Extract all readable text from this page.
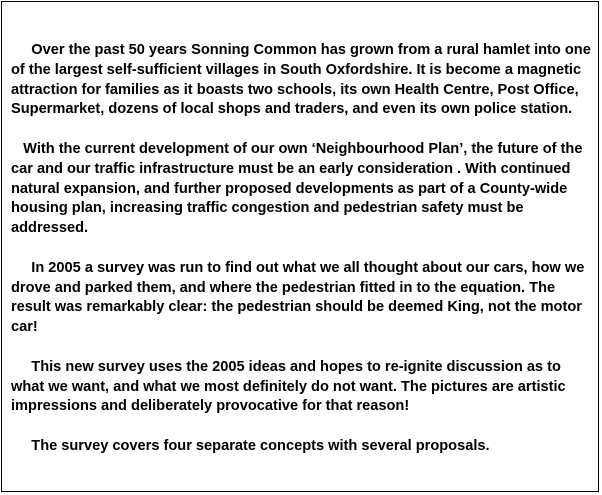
Over the past 50 years Sonning Common has grown from a rural hamlet into one of the largest self-sufficient villages in South Oxfordshire. It is become a magnetic attraction for families as it boasts two schools, its own Health Centre, Post Office, Supermarket, dozens of local shops and traders, and even its own police station.

With the current development of our own ‘Neighbourhood Plan’, the future of the car and our traffic infrastructure must be an early consideration . With continued natural expansion, and further proposed developments as part of a County-wide housing plan, increasing traffic congestion and pedestrian safety must be addressed.

In 2005 a survey was run to find out what we all thought about our cars, how we drove and parked them, and where the pedestrian fitted in to the equation. The result was remarkably clear: the pedestrian should be deemed King, not the motor car!

This new survey uses the 2005 ideas and hopes to re-ignite discussion as to what we want, and what we most definitely do not want. The pictures are artistic impressions and deliberately provocative for that reason!

The survey covers four separate concepts with several proposals.
